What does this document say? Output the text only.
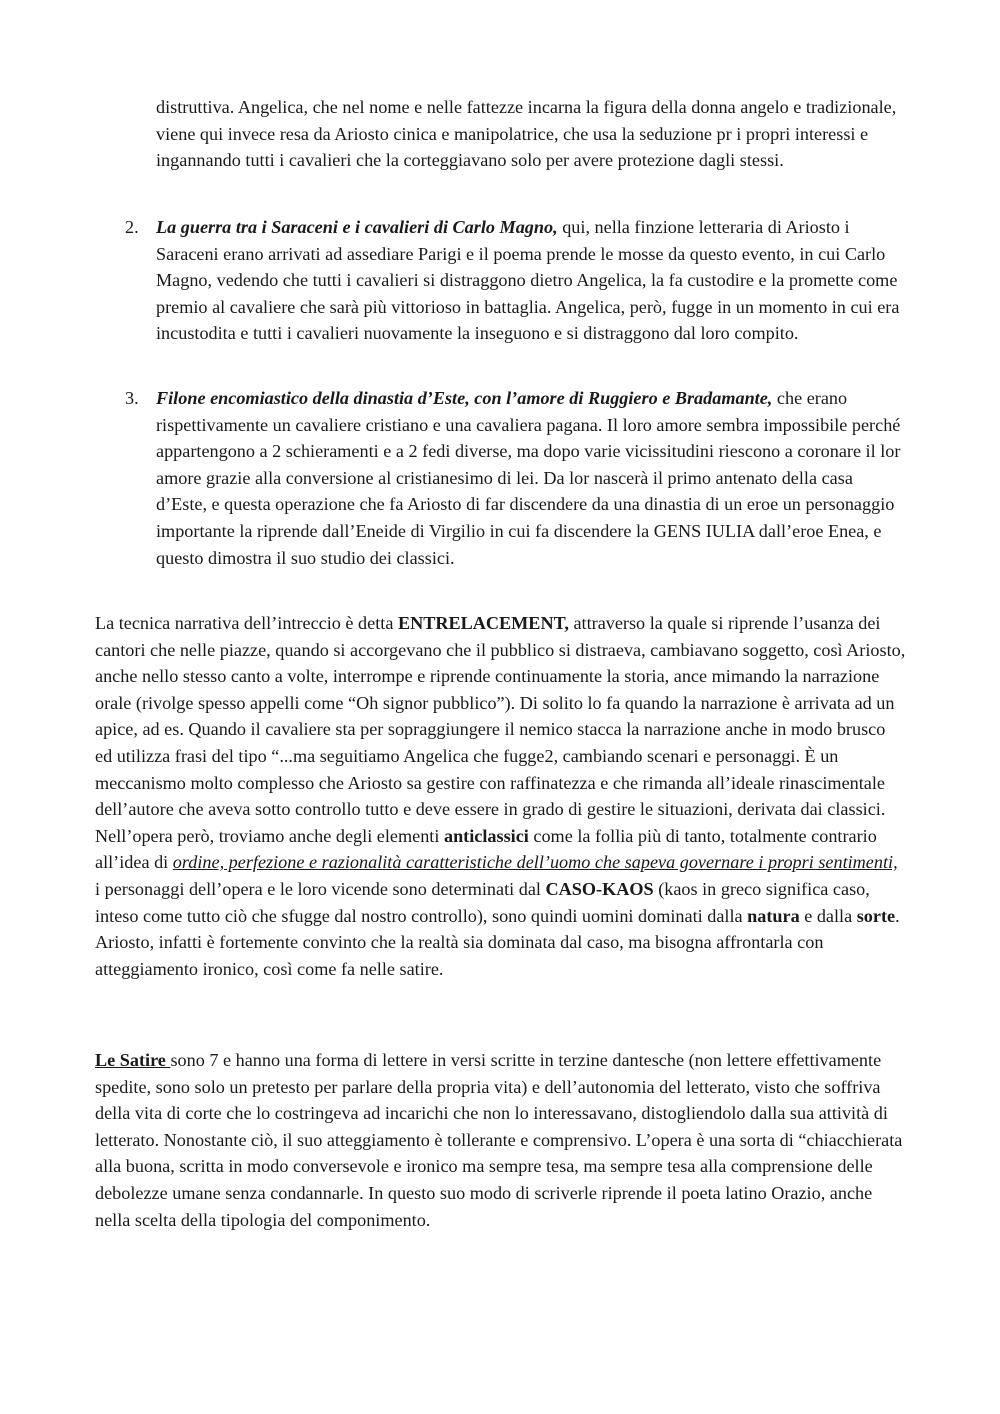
distruttiva. Angelica, che nel nome e nelle fattezze incarna la figura della donna angelo e tradizionale, viene qui invece resa da Ariosto cinica e manipolatrice, che usa la seduzione pr i propri interessi e ingannando tutti i cavalieri che la corteggiavano solo per avere protezione dagli stessi.

2. La guerra tra i Saraceni e i cavalieri di Carlo Magno, qui, nella finzione letteraria di Ariosto i Saraceni erano arrivati ad assediare Parigi e il poema prende le mosse da questo evento, in cui Carlo Magno, vedendo che tutti i cavalieri si distraggono dietro Angelica, la fa custodire e la promette come premio al cavaliere che sarà più vittorioso in battaglia. Angelica, però, fugge in un momento in cui era incustodita e tutti i cavalieri nuovamente la inseguono e si distraggono dal loro compito.
3. Filone encomiastico della dinastia d’Este, con l’amore di Ruggiero e Bradamante, che erano rispettivamente un cavaliere cristiano e una cavaliera pagana. Il loro amore sembra impossibile perché appartengono a 2 schieramenti e a 2 fedi diverse, ma dopo varie vicissitudini riescono a coronare il lor amore grazie alla conversione al cristianesimo di lei. Da lor nascerà il primo antenato della casa d’Este, e questa operazione che fa Ariosto di far discendere da una dinastia di un eroe un personaggio importante la riprende dall’Eneide di Virgilio in cui fa discendere la GENS IULIA dall’eroe Enea, e questo dimostra il suo studio dei classici.

La tecnica narrativa dell’intreccio è detta ENTRELACEMENT, attraverso la quale si riprende l’usanza dei cantori che nelle piazze, quando si accorgevano che il pubblico si distraeva, cambiavano soggetto, così Ariosto, anche nello stesso canto a volte, interrompe e riprende continuamente la storia, ance mimando la narrazione orale (rivolge spesso appelli come “Oh signor pubblico”). Di solito lo fa quando la narrazione è arrivata ad un apice, ad es. Quando il cavaliere sta per sopraggiungere il nemico stacca la narrazione anche in modo brusco ed utilizza frasi del tipo “...ma seguitiamo Angelica che fugge2, cambiando scenari e personaggi. È un meccanismo molto complesso che Ariosto sa gestire con raffinatezza e che rimanda all’ideale rinascimentale dell’autore che aveva sotto controllo tutto e deve essere in grado di gestire le situazioni, derivata dai classici. Nell’opera però, troviamo anche degli elementi anticlassici come la follia più di tanto, totalmente contrario all’idea di ordine, perfezione e razionalità caratteristiche dell’uomo che sapeva governare i propri sentimenti, i personaggi dell’opera e le loro vicende sono determinati dal CASO-KAOS (kaos in greco significa caso, inteso come tutto ciò che sfugge dal nostro controllo), sono quindi uomini dominati dalla natura e dalla sorte. Ariosto, infatti è fortemente convinto che la realtà sia dominata dal caso, ma bisogna affrontarla con atteggiamento ironico, così come fa nelle satire.

Le Satire sono 7 e hanno una forma di lettere in versi scritte in terzine dantesche (non lettere effettivamente spedite, sono solo un pretesto per parlare della propria vita) e dell’autonomia del letterato, visto che soffriva della vita di corte che lo costringeva ad incarichi che non lo interessavano, distogliendolo dalla sua attività di letterato. Nonostante ciò, il suo atteggiamento è tollerante e comprensivo. L’opera è una sorta di “chiacchierata alla buona, scritta in modo conversevole e ironico ma sempre tesa, ma sempre tesa alla comprensione delle debolezze umane senza condannarle. In questo suo modo di scriverle riprende il poeta latino Orazio, anche nella scelta della tipologia del componimento.
